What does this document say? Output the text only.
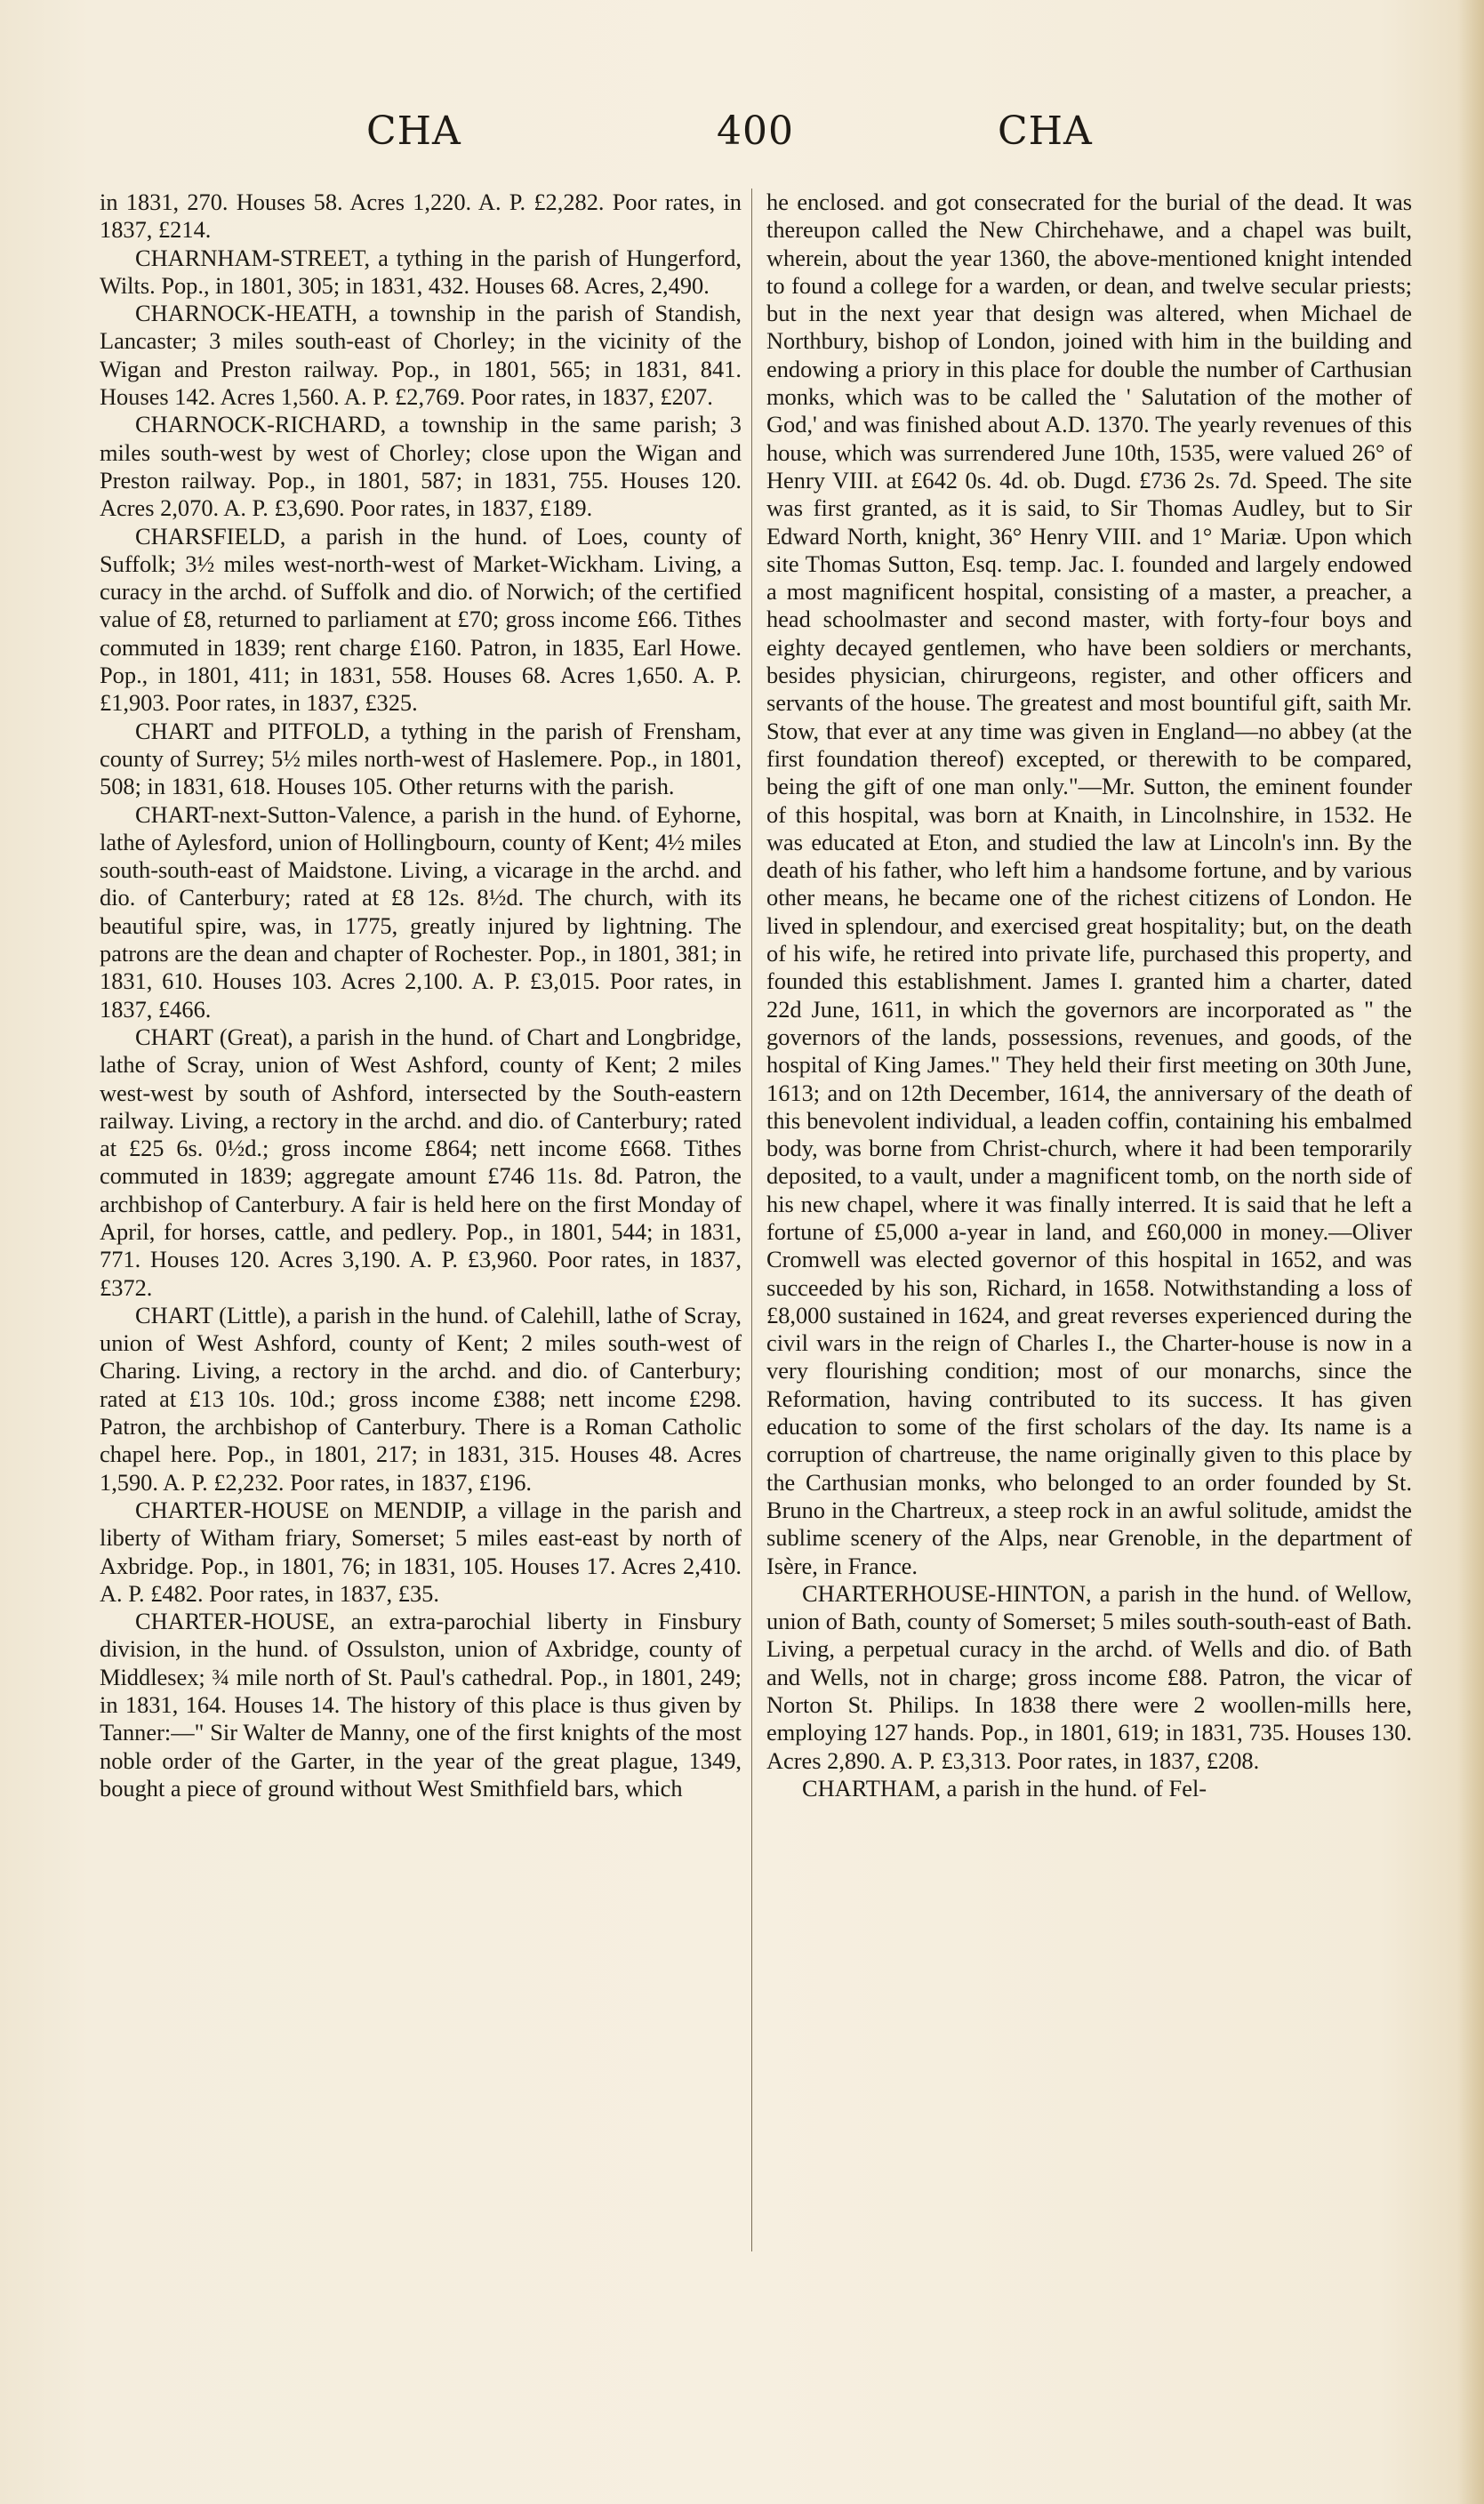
CHA	400	CHA

in 1831, 270. Houses 58. Acres 1,220. A. P. £2,282. Poor rates, in 1837, £214.

CHARNHAM-STREET, a tything in the parish of Hungerford, Wilts. Pop., in 1801, 305; in 1831, 432. Houses 68. Acres, 2,490.

CHARNOCK-HEATH, a township in the parish of Standish, Lancaster; 3 miles south-east of Chorley; in the vicinity of the Wigan and Preston railway. Pop., in 1801, 565; in 1831, 841. Houses 142. Acres 1,560. A. P. £2,769. Poor rates, in 1837, £207.

CHARNOCK-RICHARD, a township in the same parish; 3 miles south-west by west of Chorley; close upon the Wigan and Preston railway. Pop., in 1801, 587; in 1831, 755. Houses 120. Acres 2,070. A. P. £3,690. Poor rates, in 1837, £189.

CHARSFIELD, a parish in the hund. of Loes, county of Suffolk; 3½ miles west-north-west of Market-Wickham. Living, a curacy in the archd. of Suffolk and dio. of Norwich; of the certified value of £8, returned to parliament at £70; gross income £66. Tithes commuted in 1839; rent charge £160. Patron, in 1835, Earl Howe. Pop., in 1801, 411; in 1831, 558. Houses 68. Acres 1,650. A. P. £1,903. Poor rates, in 1837, £325.

CHART and PITFOLD, a tything in the parish of Frensham, county of Surrey; 5½ miles north-west of Haslemere. Pop., in 1801, 508; in 1831, 618. Houses 105. Other returns with the parish.

CHART-next-Sutton-Valence, a parish in the hund. of Eyhorne, lathe of Aylesford, union of Hollingbourn, county of Kent; 4½ miles south-south-east of Maidstone. Living, a vicarage in the archd. and dio. of Canterbury; rated at £8 12s. 8½d. The church, with its beautiful spire, was, in 1775, greatly injured by lightning. The patrons are the dean and chapter of Rochester. Pop., in 1801, 381; in 1831, 610. Houses 103. Acres 2,100. A. P. £3,015. Poor rates, in 1837, £466.

CHART (Great), a parish in the hund. of Chart and Longbridge, lathe of Scray, union of West Ashford, county of Kent; 2 miles west-west by south of Ashford, intersected by the South-eastern railway. Living, a rectory in the archd. and dio. of Canterbury; rated at £25 6s. 0½d.; gross income £864; nett income £668. Tithes commuted in 1839; aggregate amount £746 11s. 8d. Patron, the archbishop of Canterbury. A fair is held here on the first Monday of April, for horses, cattle, and pedlery. Pop., in 1801, 544; in 1831, 771. Houses 120. Acres 3,190. A. P. £3,960. Poor rates, in 1837, £372.

CHART (Little), a parish in the hund. of Calehill, lathe of Scray, union of West Ashford, county of Kent; 2 miles south-west of Charing. Living, a rectory in the archd. and dio. of Canterbury; rated at £13 10s. 10d.; gross income £388; nett income £298. Patron, the archbishop of Canterbury. There is a Roman Catholic chapel here. Pop., in 1801, 217; in 1831, 315. Houses 48. Acres 1,590. A. P. £2,232. Poor rates, in 1837, £196.

CHARTER-HOUSE on MENDIP, a village in the parish and liberty of Witham friary, Somerset; 5 miles east-east by north of Axbridge. Pop., in 1801, 76; in 1831, 105. Houses 17. Acres 2,410. A. P. £482. Poor rates, in 1837, £35.

CHARTER-HOUSE, an extra-parochial liberty in Finsbury division, in the hund. of Ossulston, union of Axbridge, county of Middlesex; ¾ mile north of St. Paul's cathedral. Pop., in 1801, 249; in 1831, 164. Houses 14. The history of this place is thus given by Tanner:—" Sir Walter de Manny, one of the first knights of the most noble order of the Garter, in the year of the great plague, 1349, bought a piece of ground without West Smithfield bars, which

he enclosed. and got consecrated for the burial of the dead. It was thereupon called the New Chirchehawe, and a chapel was built, wherein, about the year 1360, the above-mentioned knight intended to found a college for a warden, or dean, and twelve secular priests; but in the next year that design was altered, when Michael de Northbury, bishop of London, joined with him in the building and endowing a priory in this place for double the number of Carthusian monks, which was to be called the ' Salutation of the mother of God,' and was finished about A.D. 1370. The yearly revenues of this house, which was surrendered June 10th, 1535, were valued 26° of Henry VIII. at £642 0s. 4d. ob. Dugd. £736 2s. 7d. Speed. The site was first granted, as it is said, to Sir Thomas Audley, but to Sir Edward North, knight, 36° Henry VIII. and 1° Mariæ. Upon which site Thomas Sutton, Esq. temp. Jac. I. founded and largely endowed a most magnificent hospital, consisting of a master, a preacher, a head schoolmaster and second master, with forty-four boys and eighty decayed gentlemen, who have been soldiers or merchants, besides physician, chirurgeons, register, and other officers and servants of the house. The greatest and most bountiful gift, saith Mr. Stow, that ever at any time was given in England—no abbey (at the first foundation thereof) excepted, or therewith to be compared, being the gift of one man only."—Mr. Sutton, the eminent founder of this hospital, was born at Knaith, in Lincolnshire, in 1532. He was educated at Eton, and studied the law at Lincoln's inn. By the death of his father, who left him a handsome fortune, and by various other means, he became one of the richest citizens of London. He lived in splendour, and exercised great hospitality; but, on the death of his wife, he retired into private life, purchased this property, and founded this establishment. James I. granted him a charter, dated 22d June, 1611, in which the governors are incorporated as " the governors of the lands, possessions, revenues, and goods, of the hospital of King James." They held their first meeting on 30th June, 1613; and on 12th December, 1614, the anniversary of the death of this benevolent individual, a leaden coffin, containing his embalmed body, was borne from Christ-church, where it had been temporarily deposited, to a vault, under a magnificent tomb, on the north side of his new chapel, where it was finally interred. It is said that he left a fortune of £5,000 a-year in land, and £60,000 in money.—Oliver Cromwell was elected governor of this hospital in 1652, and was succeeded by his son, Richard, in 1658. Notwithstanding a loss of £8,000 sustained in 1624, and great reverses experienced during the civil wars in the reign of Charles I., the Charter-house is now in a very flourishing condition; most of our monarchs, since the Reformation, having contributed to its success. It has given education to some of the first scholars of the day. Its name is a corruption of chartreuse, the name originally given to this place by the Carthusian monks, who belonged to an order founded by St. Bruno in the Chartreux, a steep rock in an awful solitude, amidst the sublime scenery of the Alps, near Grenoble, in the department of Isère, in France.

CHARTERHOUSE-HINTON, a parish in the hund. of Wellow, union of Bath, county of Somerset; 5 miles south-south-east of Bath. Living, a perpetual curacy in the archd. of Wells and dio. of Bath and Wells, not in charge; gross income £88. Patron, the vicar of Norton St. Philips. In 1838 there were 2 woollen-mills here, employing 127 hands. Pop., in 1801, 619; in 1831, 735. Houses 130. Acres 2,890. A. P. £3,313. Poor rates, in 1837, £208.

CHARTHAM, a parish in the hund. of Fel-
